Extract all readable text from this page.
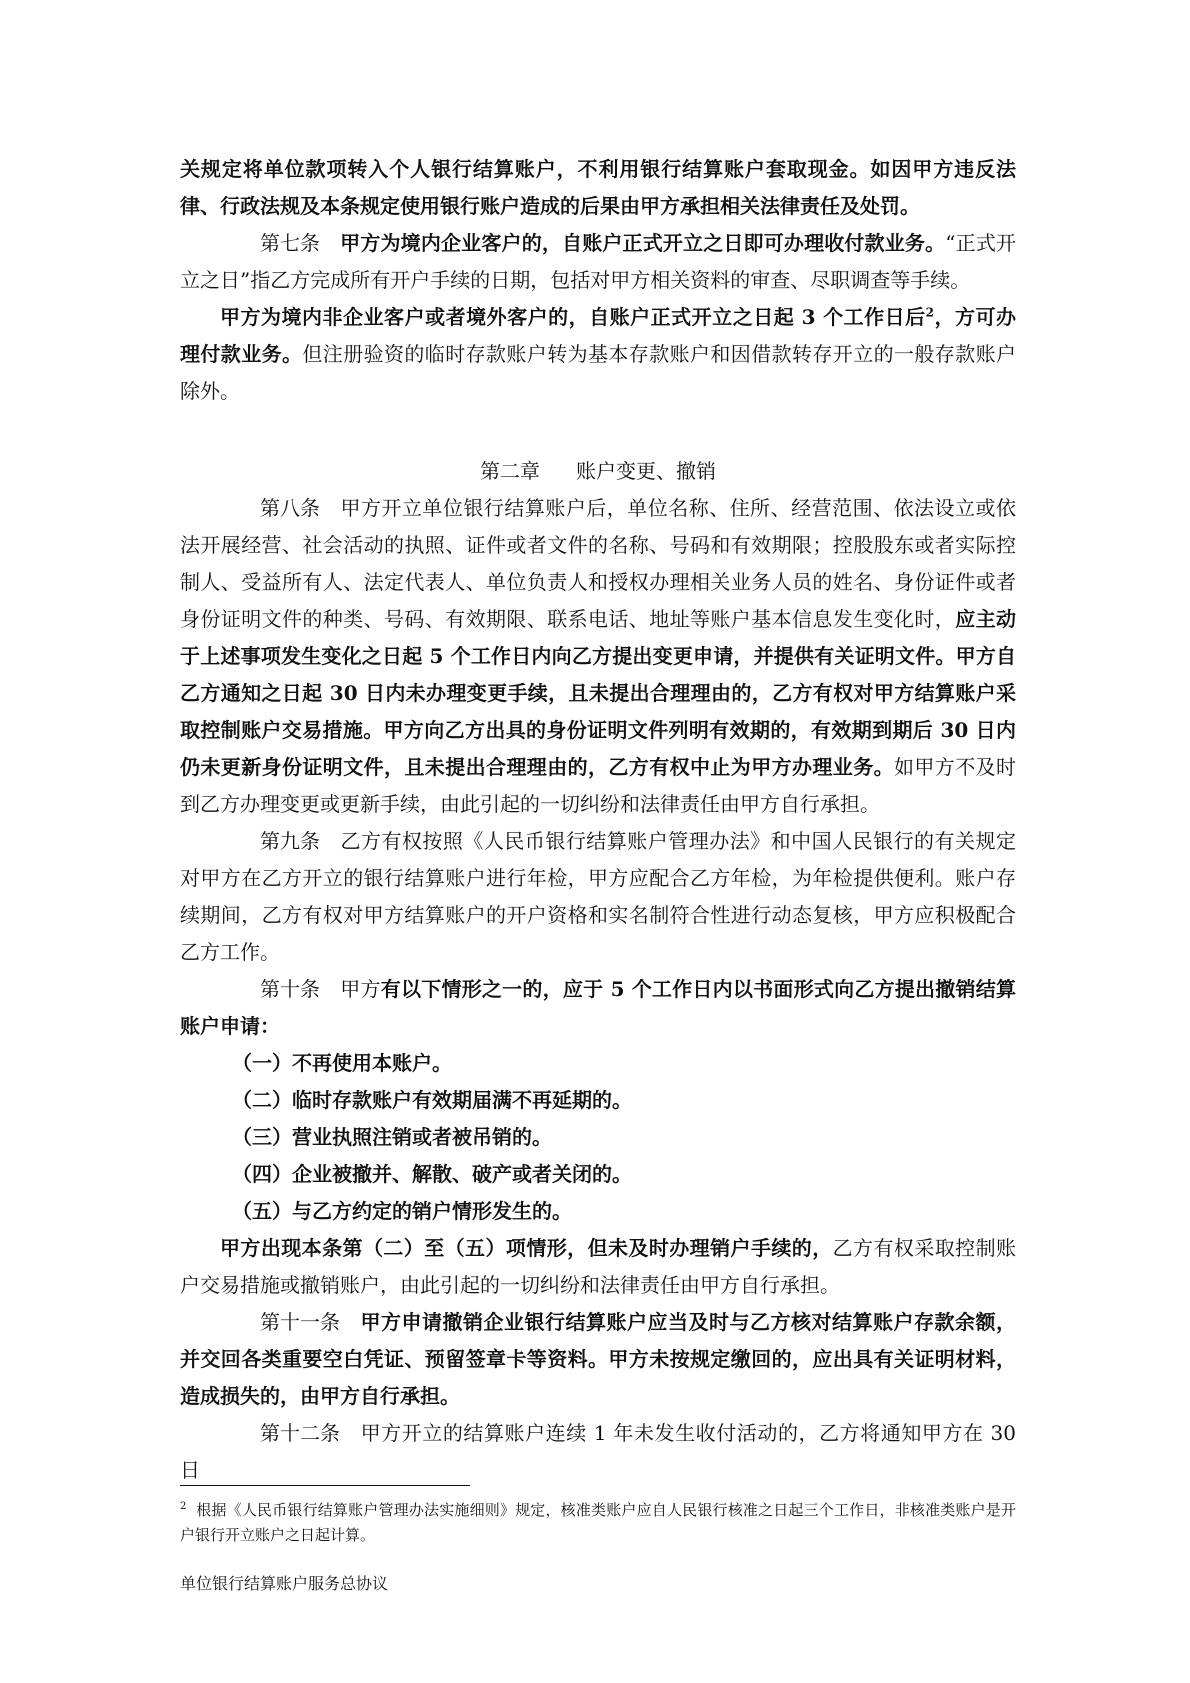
关规定将单位款项转入个人银行结算账户，不利用银行结算账户套取现金。如因甲方违反法律、行政法规及本条规定使用银行账户造成的后果由甲方承担相关法律责任及处罚。

第七条 甲方为境内企业客户的，自账户正式开立之日即可办理收付款业务。“正式开立之日”指乙方完成所有开户手续的日期，包括对甲方相关资料的审查、尽职调查等手续。

甲方为境内非企业客户或者境外客户的，自账户正式开立之日起 3 个工作日后$^2$，方可办理付款业务。但注册验资的临时存款账户转为基本存款账户和因借款转存开立的一般存款账户除外。

第二章 账户变更、撤销

第八条 甲方开立单位银行结算账户后，单位名称、住所、经营范围、依法设立或依法开展经营、社会活动的执照、证件或者文件的名称、号码和有效期限；控股股东或者实际控制人、受益所有人、法定代表人、单位负责人和授权办理相关业务人员的姓名、身份证件或者身份证明文件的种类、号码、有效期限、联系电话、地址等账户基本信息发生变化时，应主动于上述事项发生变化之日起 5 个工作日内向乙方提出变更申请，并提供有关证明文件。甲方自乙方通知之日起 30 日内未办理变更手续，且未提出合理理由的，乙方有权对甲方结算账户采取控制账户交易措施。甲方向乙方出具的身份证明文件列明有效期的，有效期到期后 30 日内仍未更新身份证明文件，且未提出合理理由的，乙方有权中止为甲方办理业务。如甲方不及时到乙方办理变更或更新手续，由此引起的一切纠纷和法律责任由甲方自行承担。

第九条 乙方有权按照《人民币银行结算账户管理办法》和中国人民银行的有关规定对甲方在乙方开立的银行结算账户进行年检，甲方应配合乙方年检，为年检提供便利。账户存续期间，乙方有权对甲方结算账户的开户资格和实名制符合性进行动态复核，甲方应积极配合乙方工作。

第十条 甲方有以下情形之一的，应于 5 个工作日内以书面形式向乙方提出撤销结算账户申请：

（一）不再使用本账户。

（二）临时存款账户有效期届满不再延期的。

（三）营业执照注销或者被吊销的。

（四）企业被撤并、解散、破产或者关闭的。

（五）与乙方约定的销户情形发生的。

甲方出现本条第（二）至（五）项情形，但未及时办理销户手续的，乙方有权采取控制账户交易措施或撤销账户，由此引起的一切纠纷和法律责任由甲方自行承担。

第十一条 甲方申请撤销企业银行结算账户应当及时与乙方核对结算账户存款余额，并交回各类重要空白凭证、预留签章卡等资料。甲方未按规定缴回的，应出具有关证明材料，造成损失的，由甲方自行承担。

第十二条 甲方开立的结算账户连续 1 年未发生收付活动的，乙方将通知甲方在 30 日

$^2$ 根据《人民币银行结算账户管理办法实施细则》规定，核准类账户应自人民银行核准之日起三个工作日，非核准类账户是开户银行开立账户之日起计算。

单位银行结算账户服务总协议
